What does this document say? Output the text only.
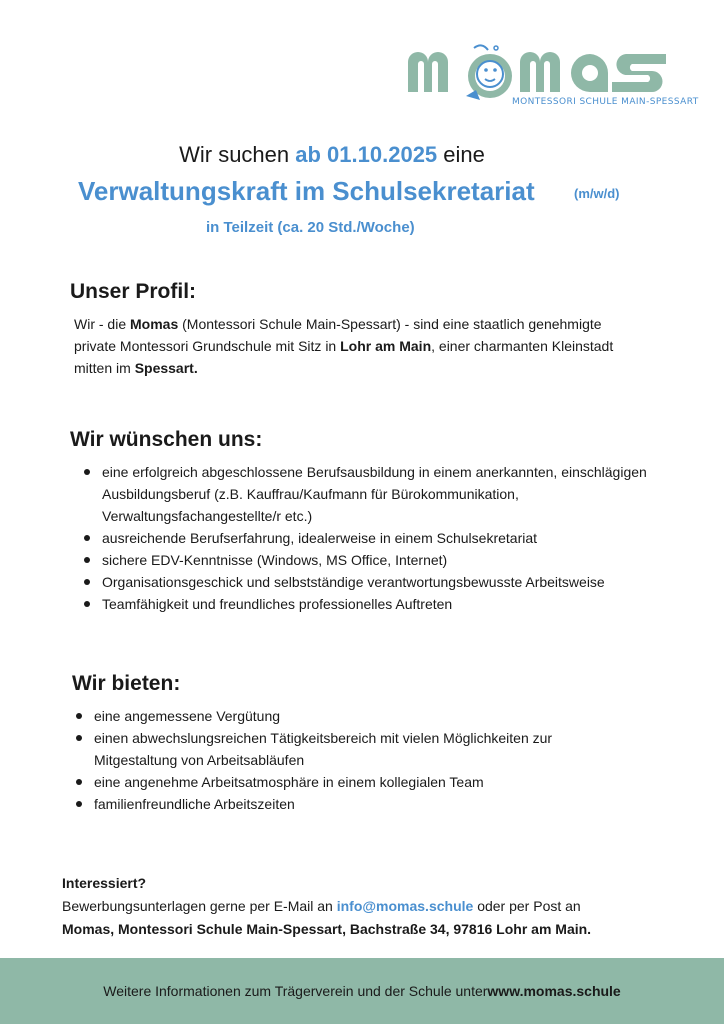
MONTESSORI SCHULE MAIN-SPESSART
Wir suchen ab 01.10.2025 eine
Verwaltungskraft im Schulsekretariat	(m/w/d)
in Teilzeit (ca. 20 Std./Woche)
Unser Profil:

Wir - die Momas (Montessori Schule Main-Spessart) - sind eine staatlich genehmigte private Montessori Grundschule mit Sitz in Lohr am Main, einer charmanten Kleinstadt mitten im Spessart.

Wir wünschen uns:
eine erfolgreich abgeschlossene Berufsausbildung in einem anerkannten, einschlägigen Ausbildungsberuf (z.B. Kauffrau/Kaufmann für Bürokommunikation, Verwaltungsfachangestellte/r etc.)
ausreichende Berufserfahrung, idealerweise in einem Schulsekretariat
sichere EDV-Kenntnisse (Windows, MS Office, Internet)
Organisationsgeschick und selbstständige verantwortungsbewusste Arbeitsweise
Teamfähigkeit und freundliches professionelles Auftreten
Wir bieten:
eine angemessene Vergütung
einen abwechslungsreichen Tätigkeitsbereich mit vielen Möglichkeiten zur Mitgestaltung von Arbeitsabläufen
eine angenehme Arbeitsatmosphäre in einem kollegialen Team
familienfreundliche Arbeitszeiten
Interessiert?
Bewerbungsunterlagen gerne per E-Mail an info@momas.schule oder per Post an
Momas, Montessori Schule Main-Spessart, Bachstraße 34, 97816 Lohr am Main.
Weitere Informationen zum Trägerverein und der Schule unter www.momas.schule
